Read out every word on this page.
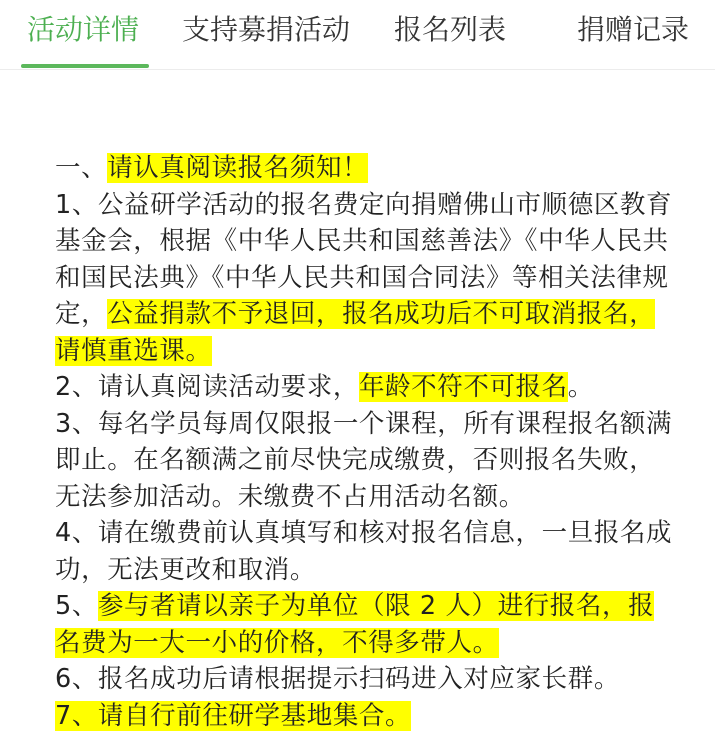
活动详情 支持募捐活动 报名列表	捐赠记录

一、请认真阅读报名须知！

1、公益研学活动的报名费定向捐赠佛山市顺德区教育基金会，根据《中华人民共和国慈善法》《中华人民共和国民法典》《中华人民共和国合同法》等相关法律规定，公益捐款不予退回，报名成功后不可取消报名，请慎重选课。

2、请认真阅读活动要求，年龄不符不可报名。

3、每名学员每周仅限报一个课程，所有课程报名额满即止。在名额满之前尽快完成缴费，否则报名失败，无法参加活动。未缴费不占用活动名额。

4、请在缴费前认真填写和核对报名信息，一旦报名成功，无法更改和取消。

5、参与者请以亲子为单位（限 2 人）进行报名，报名费为一大一小的价格，不得多带人。

6、报名成功后请根据提示扫码进入对应家长群。

7、请自行前往研学基地集合。
